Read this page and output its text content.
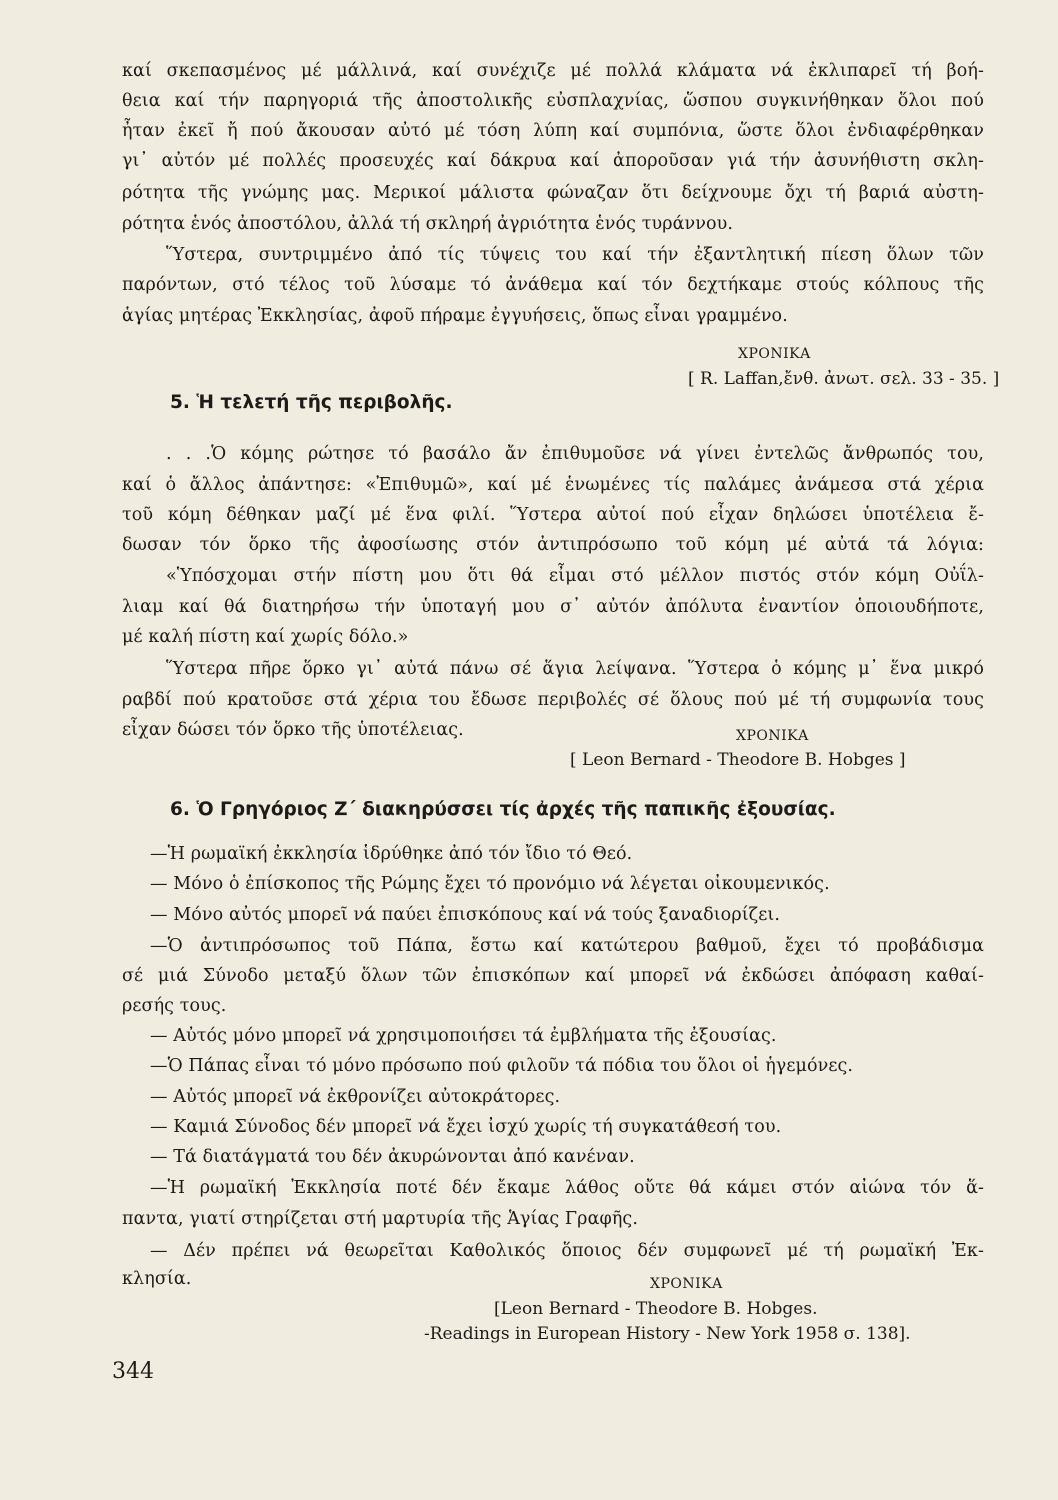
καί σκεπασμένος μέ μάλλινά, καί συνέχιζε μέ πολλά κλάματα νά ἐκλιπαρεῖ τή βοή-
θεια καί τήν παρηγοριά τῆς ἀποστολικῆς εὐσπλαχνίας, ὥσπου συγκινήθηκαν ὅλοι πού
ἦταν ἐκεῖ ἤ πού ἄκουσαν αὐτό μέ τόση λύπη καί συμπόνια, ὥστε ὅλοι ἐνδιαφέρθηκαν
γι᾽ αὐτόν μέ πολλές προσευχές καί δάκρυα καί ἀποροῦσαν γιά τήν ἀσυνήθιστη σκλη-
ρότητα τῆς γνώμης μας. Μερικοί μάλιστα φώναζαν ὅτι δείχνουμε ὄχι τή βαριά αὐστη-
ρότητα ἑνός ἀποστόλου, ἀλλά τή σκληρή ἀγριότητα ἑνός τυράννου.
Ὕστερα, συντριμμένο ἀπό τίς τύψεις του καί τήν ἐξαντλητική πίεση ὅλων τῶν
παρόντων, στό τέλος τοῦ λύσαμε τό ἀνάθεμα καί τόν δεχτήκαμε στούς κόλπους τῆς
ἁγίας μητέρας Ἐκκλησίας, ἀφοῦ πήραμε ἐγγυήσεις, ὅπως εἶναι γραμμένο.
ΧΡΟΝΙΚΑ
[ R. Laffan,ἔνθ. ἀνωτ. σελ. 33 - 35. ]
5. Ἡ τελετή τῆς περιβολῆς.
. . .Ὁ κόμης ρώτησε τό βασάλο ἄν ἐπιθυμοῦσε νά γίνει ἐντελῶς ἄνθρωπός του,
καί ὁ ἄλλος ἀπάντησε: «Ἐπιθυμῶ», καί μέ ἑνωμένες τίς παλάμες ἀνάμεσα στά χέρια
τοῦ κόμη δέθηκαν μαζί μέ ἕνα φιλί. Ὕστερα αὐτοί πού εἶχαν δηλώσει ὑποτέλεια ἔ-
δωσαν τόν ὅρκο τῆς ἀφοσίωσης στόν ἀντιπρόσωπο τοῦ κόμη μέ αὐτά τά λόγια:
«Ὑπόσχομαι στήν πίστη μου ὅτι θά εἶμαι στό μέλλον πιστός στόν κόμη Οὐΐλ-
λιαμ καί θά διατηρήσω τήν ὑποταγή μου σ᾽ αὐτόν ἀπόλυτα ἐναντίον ὁποιουδήποτε,
μέ καλή πίστη καί χωρίς δόλο.»
Ὕστερα πῆρε ὅρκο γι᾽ αὐτά πάνω σέ ἅγια λείψανα. Ὕστερα ὁ κόμης μ᾽ ἕνα μικρό
ραβδί πού κρατοῦσε στά χέρια του ἔδωσε περιβολές σέ ὅλους πού μέ τή συμφωνία τους
εἶχαν δώσει τόν ὅρκο τῆς ὑποτέλειας.	ΧΡΟΝΙΚΑ
[ Leon Bernard - Theodore B. Hobges ]
6. Ὁ Γρηγόριος Ζ΄ διακηρύσσει τίς ἀρχές τῆς παπικῆς ἐξουσίας.
—Ἡ ρωμαϊκή ἐκκλησία ἱδρύθηκε ἀπό τόν ἴδιο τό Θεό.
— Μόνο ὁ ἐπίσκοπος τῆς Ρώμης ἔχει τό προνόμιο νά λέγεται οἰκουμενικός.
— Μόνο αὐτός μπορεῖ νά παύει ἐπισκόπους καί νά τούς ξαναδιορίζει.
—Ὁ ἀντιπρόσωπος τοῦ Πάπα, ἔστω καί κατώτερου βαθμοῦ, ἔχει τό προβάδισμα
σέ μιά Σύνοδο μεταξύ ὅλων τῶν ἐπισκόπων καί μπορεῖ νά ἐκδώσει ἀπόφαση καθαί-
ρεσής τους.
— Αὐτός μόνο μπορεῖ νά χρησιμοποιήσει τά ἐμβλήματα τῆς ἐξουσίας.
—Ὁ Πάπας εἶναι τό μόνο πρόσωπο πού φιλοῦν τά πόδια του ὅλοι οἱ ἡγεμόνες.
— Αὐτός μπορεῖ νά ἐκθρονίζει αὐτοκράτορες.
— Καμιά Σύνοδος δέν μπορεῖ νά ἔχει ἰσχύ χωρίς τή συγκατάθεσή του.
— Τά διατάγματά του δέν ἀκυρώνονται ἀπό κανέναν.
—Ἡ ρωμαϊκή Ἐκκλησία ποτέ δέν ἔκαμε λάθος οὔτε θά κάμει στόν αἰώνα τόν ἅ-
παντα, γιατί στηρίζεται στή μαρτυρία τῆς Ἁγίας Γραφῆς.
— Δέν πρέπει νά θεωρεῖται Καθολικός ὅποιος δέν συμφωνεῖ μέ τή ρωμαϊκή Ἐκ-
κλησία.	ΧΡΟΝΙΚΑ
[Leon Bernard - Theodore B. Hobges.
-Readings in European History - New York 1958 σ. 138].
344
